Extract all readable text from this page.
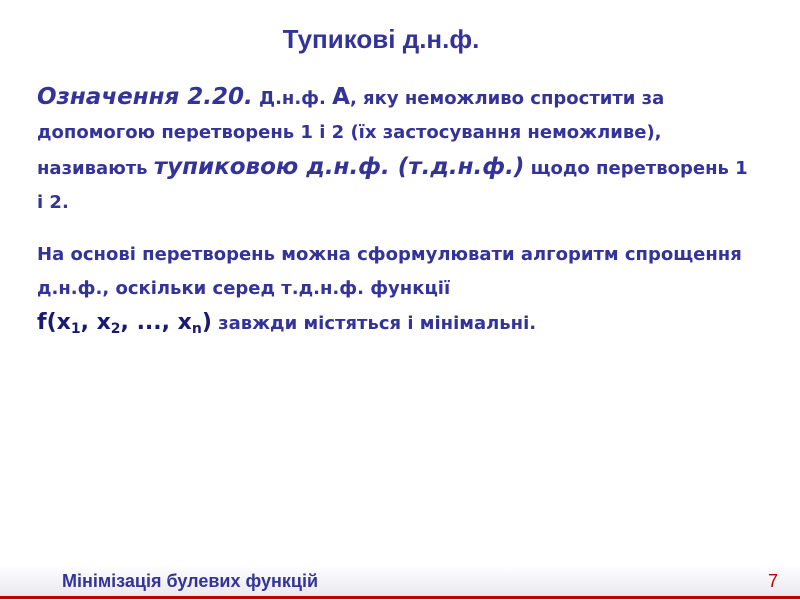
Тупикові д.н.ф.

Означення 2.20. Д.н.ф. A, яку неможливо спростити за допомогою перетворень 1 і 2 (їх застосування неможливе), називають тупиковою д.н.ф. (т.д.н.ф.) щодо перетворень 1 і 2.

На основі перетворень можна сформулювати алгоритм спрощення д.н.ф., оскільки серед т.д.н.ф. функції
$f(x_1$, $x_2$, ..., $x_n$) завжди містяться і мінімальні.

Мінімізація булевих функцій	7
